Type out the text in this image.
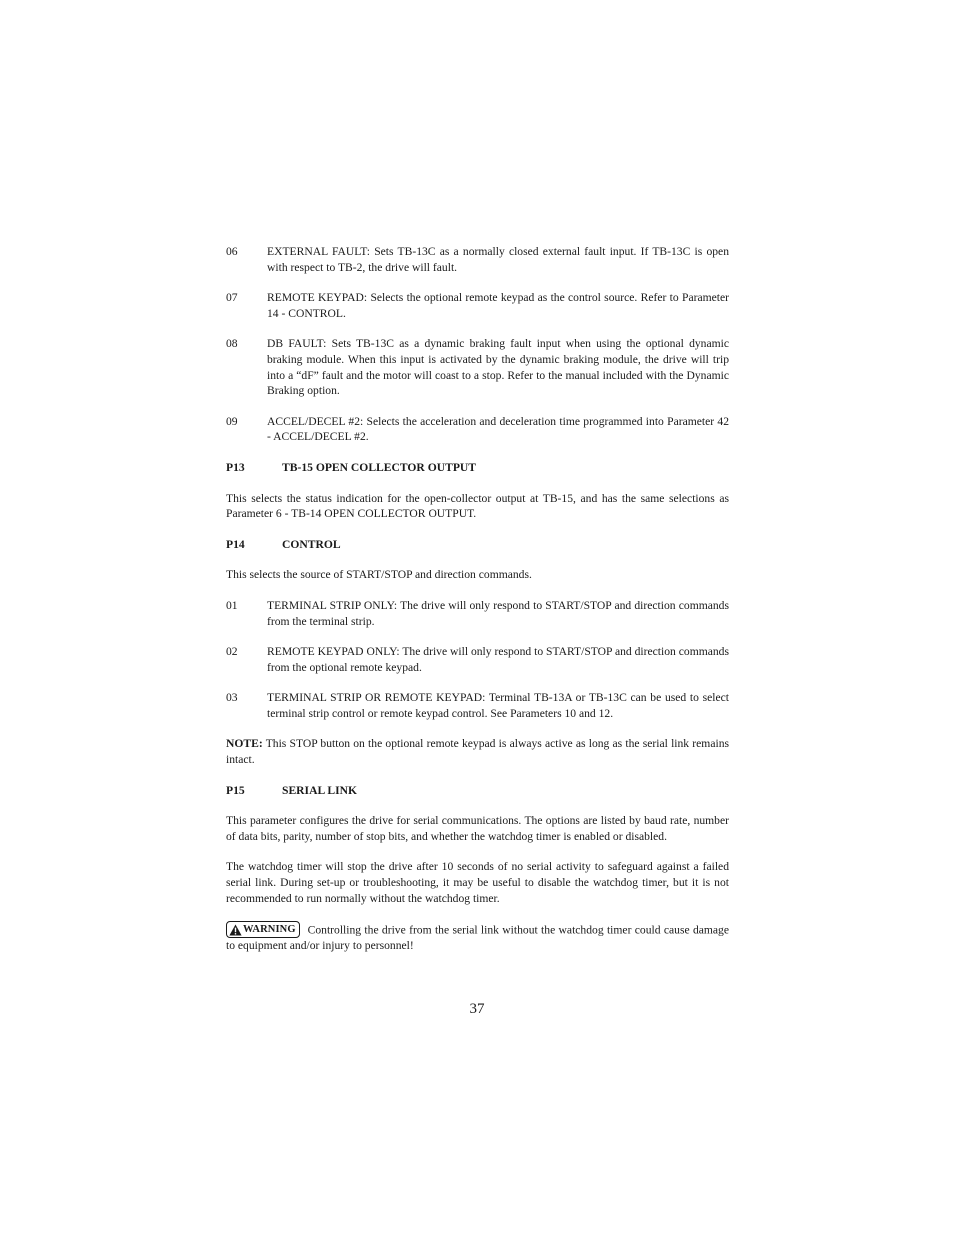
06	EXTERNAL FAULT: Sets TB-13C as a normally closed external fault input. If TB-13C is open with respect to TB-2, the drive will fault.
07	REMOTE KEYPAD: Selects the optional remote keypad as the control source. Refer to Parameter 14 - CONTROL.
08	DB FAULT: Sets TB-13C as a dynamic braking fault input when using the optional dynamic braking module. When this input is activated by the dynamic braking module, the drive will trip into a “dF” fault and the motor will coast to a stop. Refer to the manual included with the Dynamic Braking option.
09	ACCEL/DECEL #2: Selects the acceleration and deceleration time programmed into Parameter 42 - ACCEL/DECEL #2.
P13	TB-15 OPEN COLLECTOR OUTPUT
This selects the status indication for the open-collector output at TB-15, and has the same selections as Parameter 6 - TB-14 OPEN COLLECTOR OUTPUT.
P14	CONTROL
This selects the source of START/STOP and direction commands.
01	TERMINAL STRIP ONLY: The drive will only respond to START/STOP and direction commands from the terminal strip.
02	REMOTE KEYPAD ONLY: The drive will only respond to START/STOP and direction commands from the optional remote keypad.
03	TERMINAL STRIP OR REMOTE KEYPAD: Terminal TB-13A or TB-13C can be used to select terminal strip control or remote keypad control. See Parameters 10 and 12.
NOTE: This STOP button on the optional remote keypad is always active as long as the serial link remains intact.
P15	SERIAL LINK
This parameter configures the drive for serial communications. The options are listed by baud rate, number of data bits, parity, number of stop bits, and whether the watchdog timer is enabled or disabled.
The watchdog timer will stop the drive after 10 seconds of no serial activity to safeguard against a failed serial link. During set-up or troubleshooting, it may be useful to disable the watchdog timer, but it is not recommended to run normally without the watchdog timer.
WARNING Controlling the drive from the serial link without the watchdog timer could cause damage to equipment and/or injury to personnel!
37
